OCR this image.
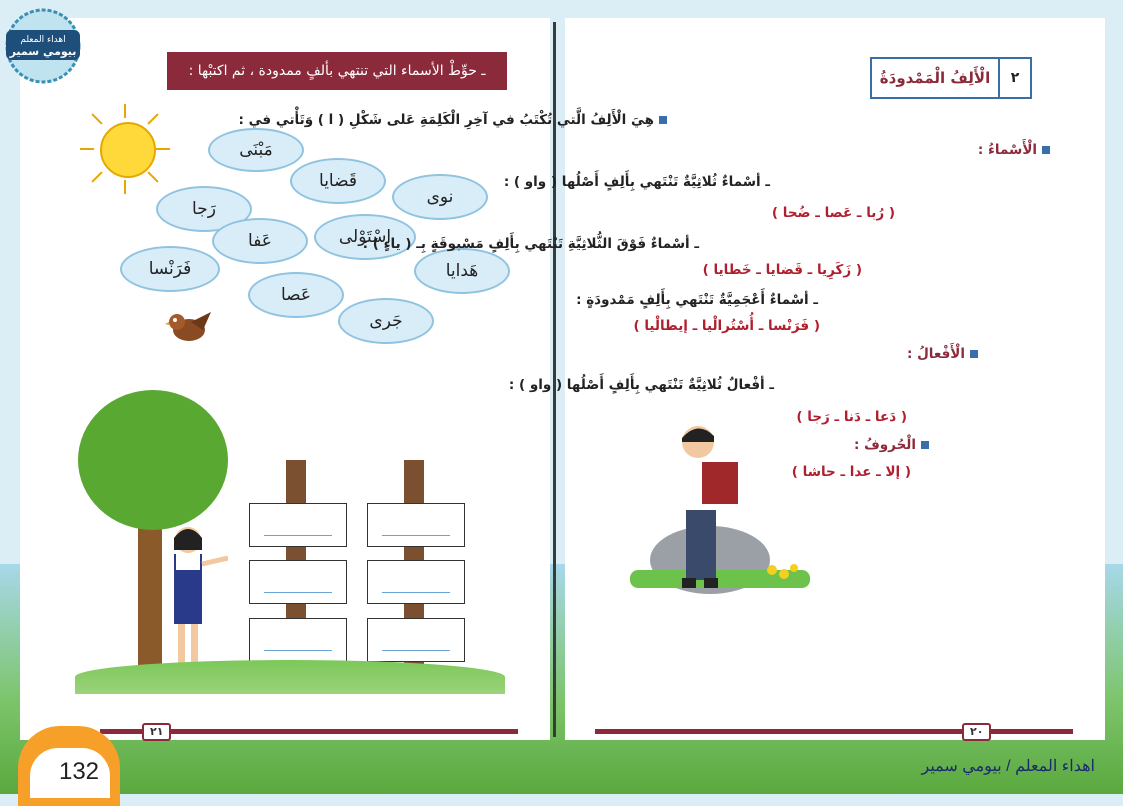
اهداء المعلم
بيومي سمير
ـ حوِّطْ الأسماء التي تنتهي بألفٍ ممدودة ، ثم اكتبْها :
مَبْنَى
قَضايا
نوى
رَجا
عَفا	اسْتَوْلى
فَرَنْسا	هَدايا
عَصا
جَرى
٢١
٢
الْأَلِفُ الْمَمْدودَةُ
هِيَ الْأَلِفُ الَّتي تُكْتَبُ في آخِرِ الْكَلِمَةِ عَلى شَكْلِ ( ا ) وَتَأْتي في :
الْأَسْماءُ :
ـ أسْماءٌ ثُلاثِيَّةٌ تَنْتَهي بِأَلِفٍ أَصْلُها ( واو ) :
( رُبا ـ عَصا ـ ضُحا )
ـ أسْماءٌ فَوْقَ الثُّلاثِيَّةِ تَنْتَهي بِأَلِفٍ مَسْبوقَةٍ بِـ ( ياءٍ ) :
( زَكَرِيا ـ قَضايا ـ خَطايا )
ـ أسْماءٌ أَعْجَمِيَّةٌ تَنْتَهي بِأَلِفٍ مَمْدودَةٍ :
( فَرَنْسا ـ أُسْتُرالْيا ـ إيطالْيا )
الْأَفْعالُ :
ـ أفْعالٌ ثُلاثِيَّةٌ تَنْتَهي بِأَلِفٍ أَصْلُها ( واو ) :
( دَعا ـ دَنا ـ رَجا )
الْحُروفُ :
( إلا ـ عدا ـ حاشا )
٢٠
132	اهداء المعلم / بيومي سمير
